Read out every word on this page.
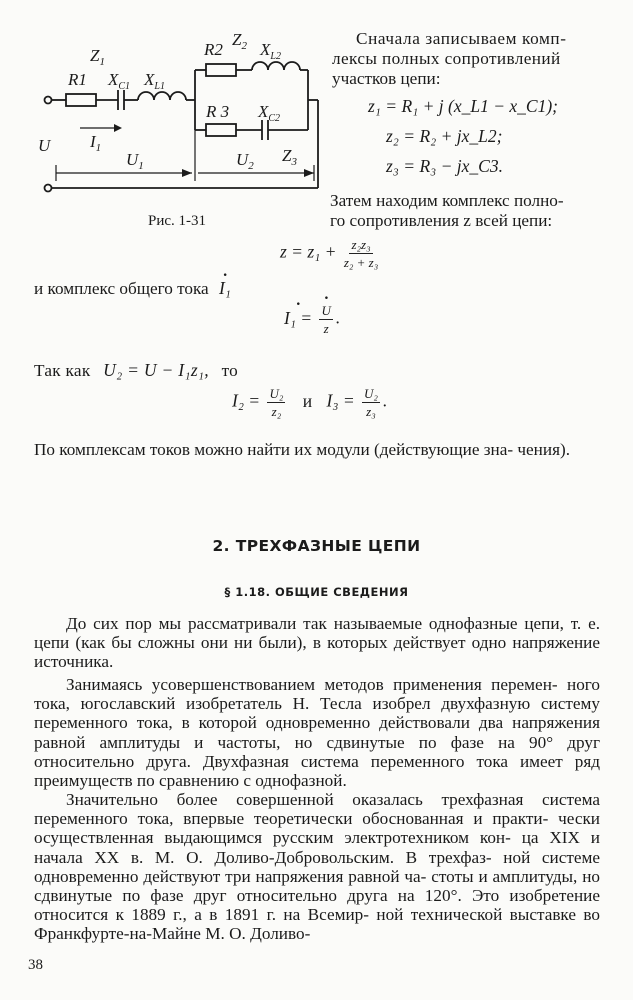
$Z_1$
R1 $X_{C1}$ $X_{L1}$
R2
$Z_2$ $X_{L2}$
R 3 $X_{C2}$
$Z_3$
$I_1$
U
$U_1$	$U_2$
Рис. 1-31
Сначала записываем комп-
лексы полных сопротивлений
участков цепи:
z₁ = R₁ + j (x_L1 − x_C1);
z₂ = R₂ + jx_L2;
z₃ = R₃ − jx_C3.
Затем находим комплекс полно-
го сопротивления z всей цепи:
$z = z_1 + \frac{\text{z₂z₃}}{\text{z₂ + z₃}}$
и комплекс общего тока · I₁
· I₁ = · $\frac{U}{z}$ .
Так как U₂ = U − I₁z₁, то
$I_2 = \frac{\text{U₂}}{\text{z₂}}$ и $I_3 = \frac{\text{U₂}}{\text{z₃}}$ .
По комплексам токов можно найти их модули (действующие зна- чения).
2. ТРЕХФАЗНЫЕ ЦЕПИ
§ 1.18. ОБЩИЕ СВЕДЕНИЯ
До сих пор мы рассматривали так называемые однофазные цепи, т. е. цепи (как бы сложны они ни были), в которых действует одно напряжение источника.
Занимаясь усовершенствованием методов применения перемен- ного тока, югославский изобретатель Н. Тесла изобрел двухфазную систему переменного тока, в которой одновременно действовали два напряжения равной амплитуды и частоты, но сдвинутые по фазе на 90° друг относительно друга. Двухфазная система переменного тока имеет ряд преимуществ по сравнению с однофазной.
Значительно более совершенной оказалась трехфазная система переменного тока, впервые теоретически обоснованная и практи- чески осуществленная выдающимся русским электротехником кон- ца XIX и начала XX в. М. О. Доливо-Добровольским. В трехфаз- ной системе одновременно действуют три напряжения равной ча- стоты и амплитуды, но сдвинутые по фазе друг относительно друга на 120°. Это изобретение относится к 1889 г., а в 1891 г. на Всемир- ной технической выставке во Франкфурте-на-Майне М. О. Доливо-
38
